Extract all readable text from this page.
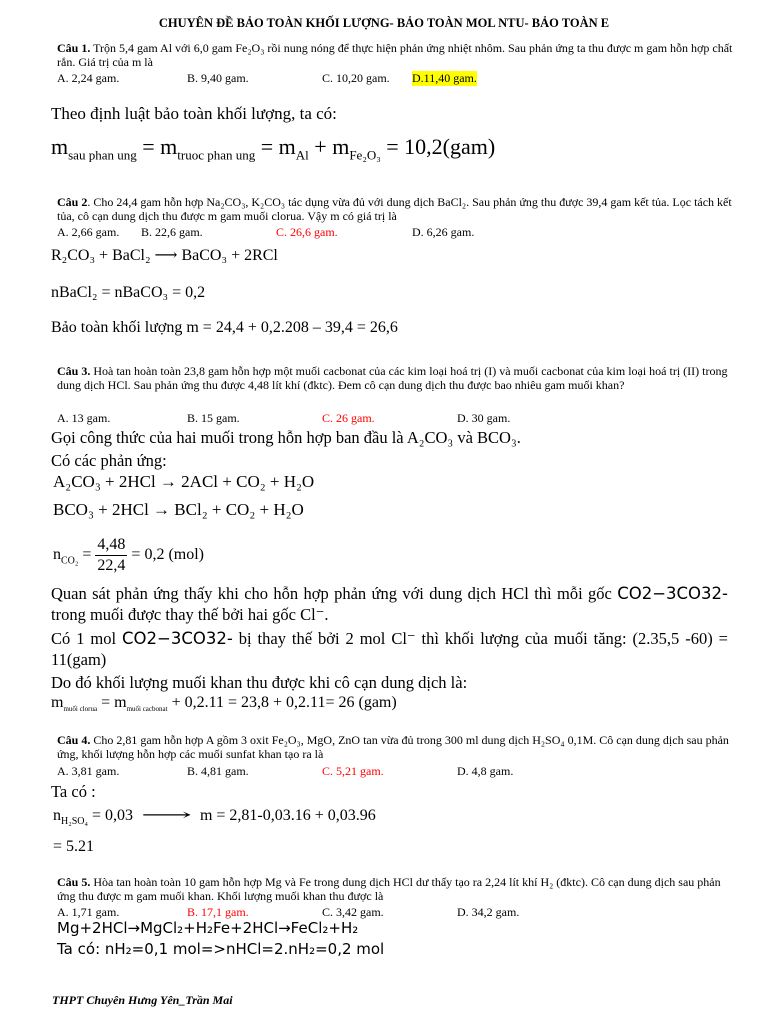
CHUYÊN ĐỀ BẢO TOÀN KHỐI LƯỢNG- BẢO TOÀN MOL NTU- BẢO TOÀN E
Câu 1. Trộn 5,4 gam Al với 6,0 gam Fe₂O₃ rồi nung nóng để thực hiện phản ứng nhiệt nhôm. Sau phản ứng ta thu được m gam hỗn hợp chất rắn. Giá trị của m là
A. 2,24 gam.	B. 9,40 gam.	C. 10,20 gam. D.11,40 gam.
Theo định luật bảo toàn khối lượng, ta có:
$m_{sau phan ung} = m_{truoc phan ung} = m_{Al} + m_{Fe_2O_3} = 10,2(gam)$
Câu 2. Cho 24,4 gam hỗn hợp Na₂CO₃, K₂CO₃ tác dụng vừa đủ với dung dịch BaCl₂. Sau phản ứng thu được 39,4 gam kết tủa. Lọc tách kết tủa, cô cạn dung dịch thu được m gam muối clorua. Vậy m có giá trị là
A. 2,66 gam. B. 22,6 gam.	C. 26,6 gam.	D. 6,26 gam.
R₂CO₃ + BaCl₂ ⟶ BaCO₃ + 2RCl
nBaCl₂ = nBaCO₃ = 0,2
Bảo toàn khối lượng m = 24,4 + 0,2.208 – 39,4 = 26,6
Câu 3. Hoà tan hoàn toàn 23,8 gam hỗn hợp một muối cacbonat của các kim loại hoá trị (I) và muối cacbonat của kim loại hoá trị (II) trong dung dịch HCl. Sau phản ứng thu được 4,48 lít khí (đktc). Đem cô cạn dung dịch thu được bao nhiêu gam muối khan?
A. 13 gam.	B. 15 gam.	C. 26 gam.	D. 30 gam.
Gọi công thức của hai muối trong hỗn hợp ban đầu là A₂CO₃ và BCO₃.
Có các phản ứng:
A₂CO₃ + 2HCl → 2ACl + CO₂ + H₂O
BCO₃ + 2HCl → BCl₂ + CO₂ + H₂O
$n_{CO_2} = \frac{4,48}{22,4} = 0,2$ (mol)
Quan sát phản ứng thấy khi cho hỗn hợp phản ứng với dung dịch HCl thì mỗi gốc CO2−3CO32- trong muối được thay thế bởi hai gốc Cl⁻.
Có 1 mol CO2−3CO32- bị thay thế bởi 2 mol Cl⁻ thì khối lượng của muối tăng: (2.35,5 -60) = 11(gam)
Do đó khối lượng muối khan thu được khi cô cạn dung dịch là:
$m_{muối clorua} = m_{muối cacbonat} + 0,2.11 = 23,8 + 0,2.11= 26$ (gam)
Câu 4. Cho 2,81 gam hỗn hợp A gồm 3 oxit Fe₂O₃, MgO, ZnO tan vừa đủ trong 300 ml dung dịch H₂SO₄ 0,1M. Cô cạn dung dịch sau phản ứng, khối lượng hỗn hợp các muối sunfat khan tạo ra là
A. 3,81 gam.	B. 4,81 gam.	C. 5,21 gam.	D. 4,8 gam.
Ta có :
$n_{H_2SO_4} = 0,03$ ⟶ m = 2,81-0,03.16 + 0,03.96
= 5.21
Câu 5. Hòa tan hoàn toàn 10 gam hỗn hợp Mg và Fe trong dung dịch HCl dư thấy tạo ra 2,24 lít khí H₂ (đktc). Cô cạn dung dịch sau phản ứng thu được m gam muối khan. Khối lượng muối khan thu được là
A. 1,71 gam.	B. 17,1 gam.	C. 3,42 gam.	D. 34,2 gam.
Mg+2HCl→MgCl₂+H₂Fe+2HCl→FeCl₂+H₂
Ta có: nH₂=0,1 mol=>nHCl=2.nH₂=0,2 mol
THPT Chuyên Hưng Yên_Trần Mai
